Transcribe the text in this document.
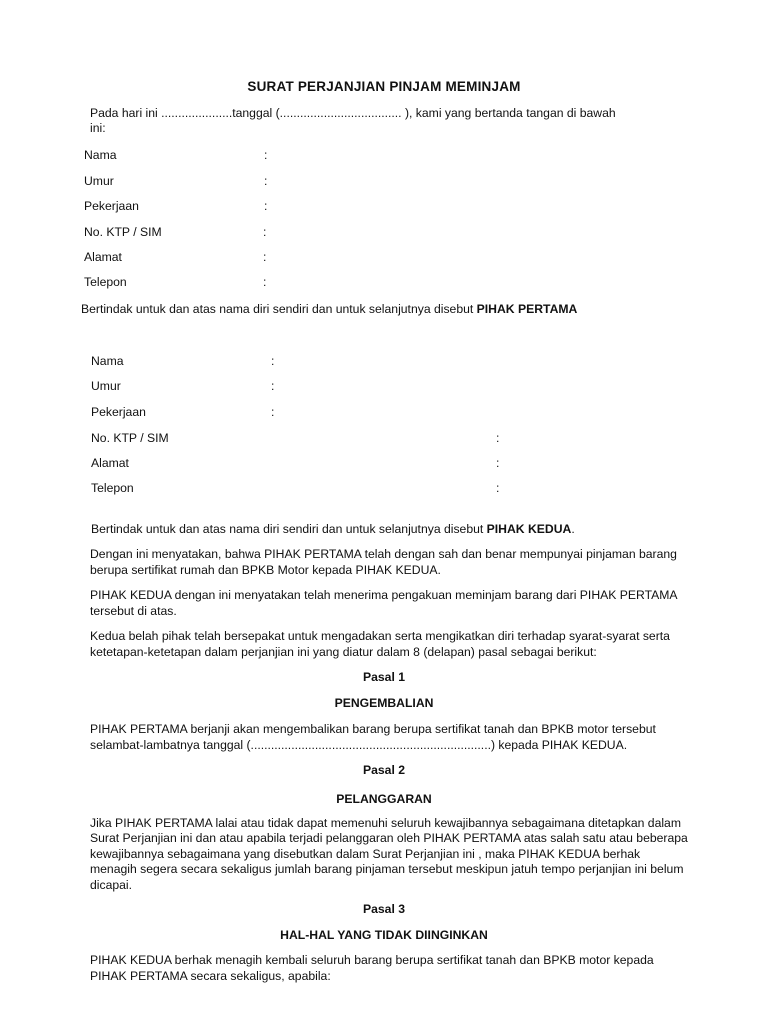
SURAT PERJANJIAN PINJAM MEMINJAM
Pada hari ini .....................tanggal (.................................... ), kami yang bertanda tangan di bawah
ini:
Nama	:
Umur	:
Pekerjaan	:
No. KTP / SIM	:
Alamat	:
Telepon	:
Bertindak untuk dan atas nama diri sendiri dan untuk selanjutnya disebut PIHAK PERTAMA
Nama	:
Umur	:
Pekerjaan	:
No. KTP / SIM	:
Alamat	:
Telepon	:
Bertindak untuk dan atas nama diri sendiri dan untuk selanjutnya disebut PIHAK KEDUA.
Dengan ini menyatakan, bahwa PIHAK PERTAMA telah dengan sah dan benar mempunyai pinjaman barang berupa sertifikat rumah dan BPKB Motor kepada PIHAK KEDUA.
PIHAK KEDUA dengan ini menyatakan telah menerima pengakuan meminjam barang dari PIHAK PERTAMA tersebut di atas.
Kedua belah pihak telah bersepakat untuk mengadakan serta mengikatkan diri terhadap syarat-syarat serta ketetapan-ketetapan dalam perjanjian ini yang diatur dalam 8 (delapan) pasal sebagai berikut:
Pasal 1
PENGEMBALIAN
PIHAK PERTAMA berjanji akan mengembalikan barang berupa sertifikat tanah dan BPKB motor tersebut selambat-lambatnya tanggal (.......................................................................) kepada PIHAK KEDUA.
Pasal 2
PELANGGARAN
Jika PIHAK PERTAMA lalai atau tidak dapat memenuhi seluruh kewajibannya sebagaimana ditetapkan dalam Surat Perjanjian ini dan atau apabila terjadi pelanggaran oleh PIHAK PERTAMA atas salah satu atau beberapa kewajibannya sebagaimana yang disebutkan dalam Surat Perjanjian ini , maka PIHAK KEDUA berhak menagih segera secara sekaligus jumlah barang pinjaman tersebut meskipun jatuh tempo perjanjian ini belum dicapai.
Pasal 3
HAL-HAL YANG TIDAK DIINGINKAN
PIHAK KEDUA berhak menagih kembali seluruh barang berupa sertifikat tanah dan BPKB motor kepada PIHAK PERTAMA secara sekaligus, apabila:
